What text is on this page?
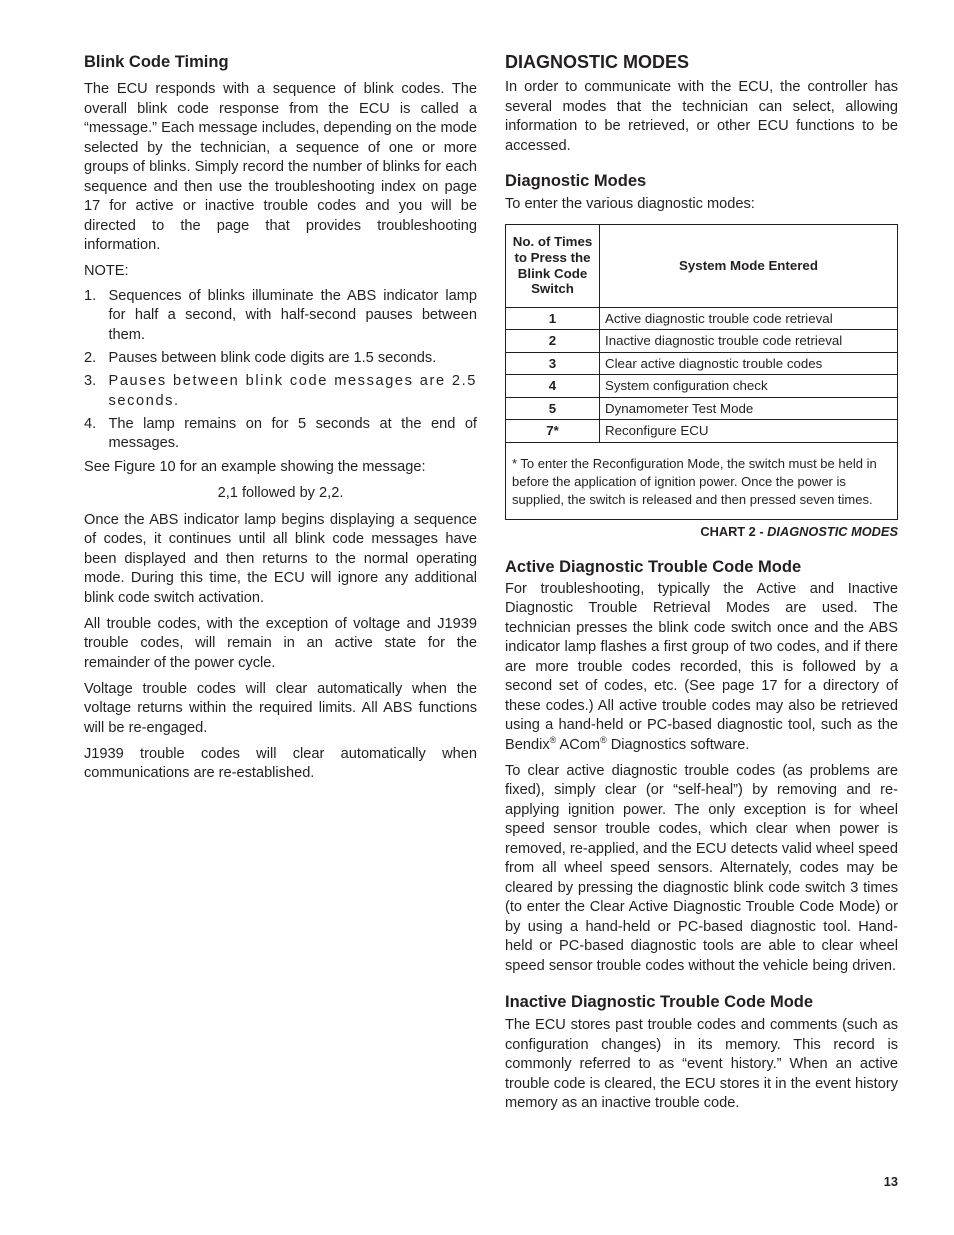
Blink Code Timing

The ECU responds with a sequence of blink codes. The overall blink code response from the ECU is called a “message.” Each message includes, depending on the mode selected by the technician, a sequence of one or more groups of blinks. Simply record the number of blinks for each sequence and then use the troubleshooting index on page 17 for active or inactive trouble codes and you will be directed to the page that provides troubleshooting information.

NOTE:

1. Sequences of blinks illuminate the ABS indicator lamp for half a second, with half-second pauses between them.
2. Pauses between blink code digits are 1.5 seconds.
3. Pauses between blink code messages are 2.5 seconds.
4. The lamp remains on for 5 seconds at the end of messages.

See Figure 10 for an example showing the message:

2,1 followed by 2,2.

Once the ABS indicator lamp begins displaying a sequence of codes, it continues until all blink code messages have been displayed and then returns to the normal operating mode. During this time, the ECU will ignore any additional blink code switch activation.

All trouble codes, with the exception of voltage and J1939 trouble codes, will remain in an active state for the remainder of the power cycle.

Voltage trouble codes will clear automatically when the voltage returns within the required limits. All ABS functions will be re-engaged.

J1939 trouble codes will clear automatically when communications are re-established.

DIAGNOSTIC MODES

In order to communicate with the ECU, the controller has several modes that the technician can select, allowing information to be retrieved, or other ECU functions to be accessed.

Diagnostic Modes

To enter the various diagnostic modes:

No. of Times to Press the Blink Code Switch	System Mode Entered
1	Active diagnostic trouble code retrieval
2	Inactive diagnostic trouble code retrieval
3	Clear active diagnostic trouble codes
4	System configuration check
5	Dynamometer Test Mode
7*	Reconfigure ECU
* To enter the Reconfiguration Mode, the switch must be held in before the application of ignition power. Once the power is supplied, the switch is released and then pressed seven times.	
CHART 2 - DIAGNOSTIC MODES
Active Diagnostic Trouble Code Mode

For troubleshooting, typically the Active and Inactive Diagnostic Trouble Retrieval Modes are used. The technician presses the blink code switch once and the ABS indicator lamp flashes a first group of two codes, and if there are more trouble codes recorded, this is followed by a second set of codes, etc. (See page 17 for a directory of these codes.) All active trouble codes may also be retrieved using a hand-held or PC-based diagnostic tool, such as the Bendix® ACom® Diagnostics software.

To clear active diagnostic trouble codes (as problems are fixed), simply clear (or “self-heal”) by removing and re-applying ignition power. The only exception is for wheel speed sensor trouble codes, which clear when power is removed, re-applied, and the ECU detects valid wheel speed from all wheel speed sensors. Alternately, codes may be cleared by pressing the diagnostic blink code switch 3 times (to enter the Clear Active Diagnostic Trouble Code Mode) or by using a hand-held or PC-based diagnostic tool. Hand-held or PC-based diagnostic tools are able to clear wheel speed sensor trouble codes without the vehicle being driven.

Inactive Diagnostic Trouble Code Mode

The ECU stores past trouble codes and comments (such as configuration changes) in its memory. This record is commonly referred to as “event history.” When an active trouble code is cleared, the ECU stores it in the event history memory as an inactive trouble code.

13
